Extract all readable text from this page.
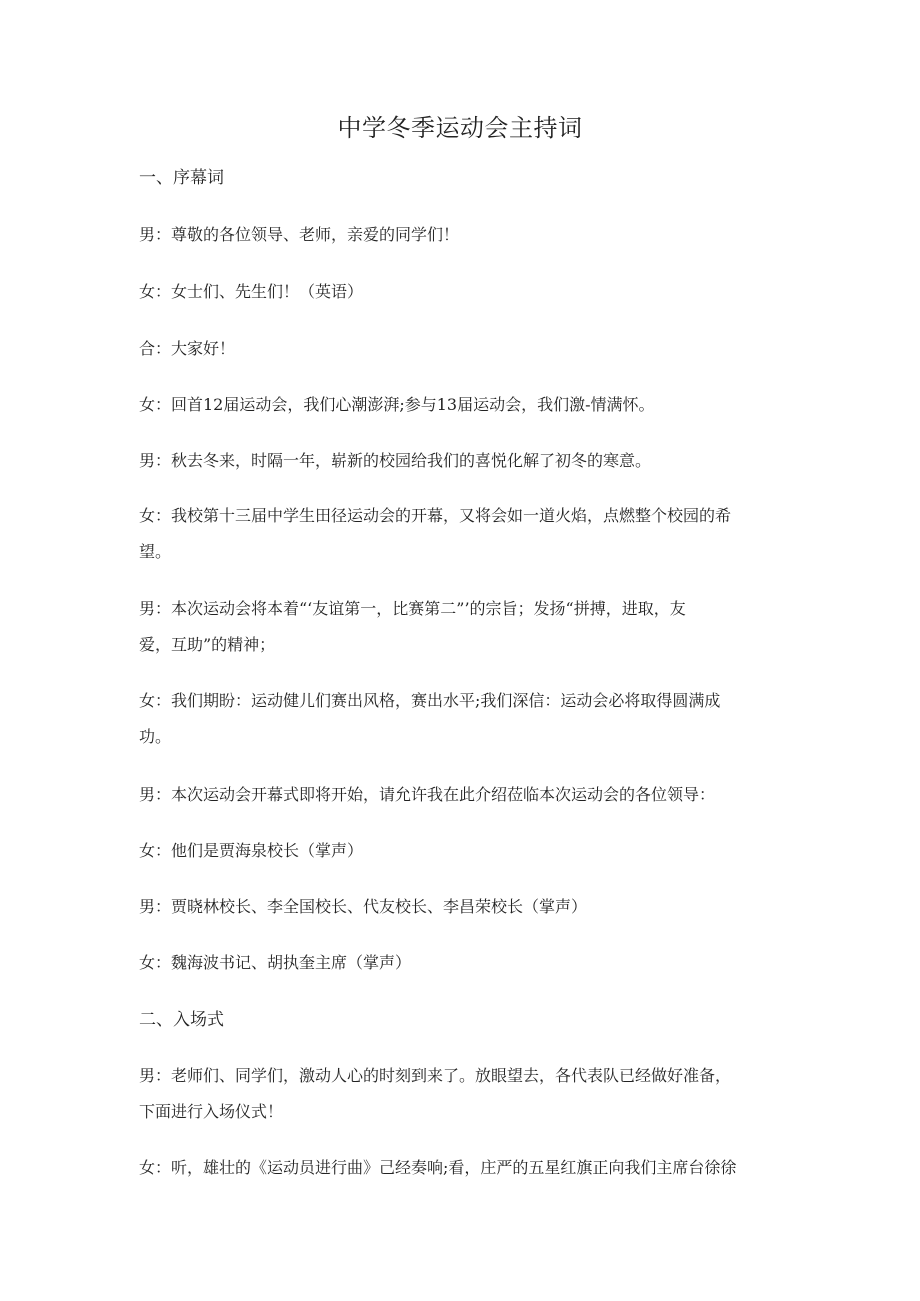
中学冬季运动会主持词
一、序幕词
男：尊敬的各位领导、老师，亲爱的同学们！
女：女士们、先生们！（英语）
合：大家好！
女：回首12届运动会，我们心潮澎湃;参与13届运动会，我们激-情满怀。
男：秋去冬来，时隔一年，崭新的校园给我们的喜悦化解了初冬的寒意。
女：我校第十三届中学生田径运动会的开幕，又将会如一道火焰，点燃整个校园的希
望。
男：本次运动会将本着“‘友谊第一，比赛第二”’的宗旨；发扬“拼搏，进取，友
爱，互助”的精神；
女：我们期盼：运动健儿们赛出风格，赛出水平;我们深信：运动会必将取得圆满成
功。
男：本次运动会开幕式即将开始，请允许我在此介绍莅临本次运动会的各位领导：
女：他们是贾海泉校长（掌声）
男：贾晓林校长、李全国校长、代友校长、李昌荣校长（掌声）
女：魏海波书记、胡执奎主席（掌声）
二、入场式
男：老师们、同学们，激动人心的时刻到来了。放眼望去，各代表队已经做好准备，
下面进行入场仪式！
女：听，雄壮的《运动员进行曲》己经奏响;看，庄严的五星红旗正向我们主席台徐徐
